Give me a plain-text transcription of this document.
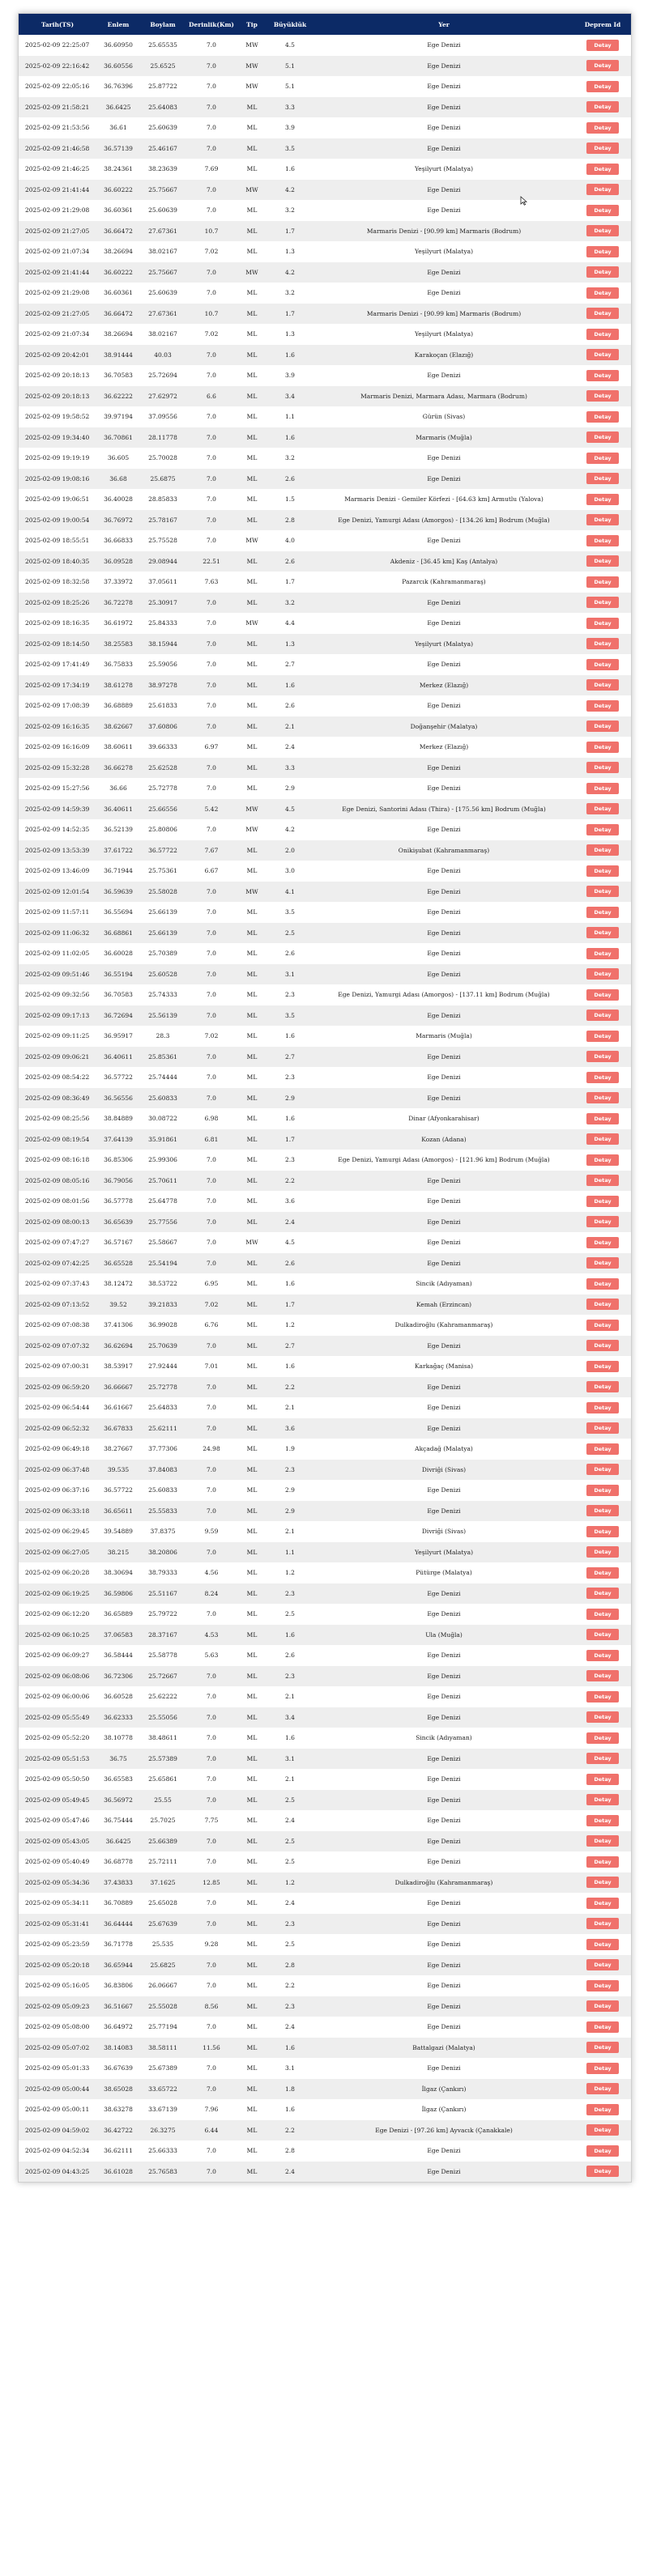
Tarih(TS)	Enlem	Boylam	Derinlik(Km)	Tip	Büyüklük	Yer	Deprem Id
2025-02-09 22:25:07	36.60950	25.65535	7.0	MW	4.5	Ege Denizi	Detay
2025-02-09 22:16:42	36.60556	25.6525	7.0	MW	5.1	Ege Denizi	Detay
2025-02-09 22:05:16	36.76396	25.87722	7.0	MW	5.1	Ege Denizi	Detay
2025-02-09 21:58:21	36.6425	25.64083	7.0	ML	3.3	Ege Denizi	Detay
2025-02-09 21:53:56	36.61	25.60639	7.0	ML	3.9	Ege Denizi	Detay
2025-02-09 21:46:58	36.57139	25.46167	7.0	ML	3.5	Ege Denizi	Detay
2025-02-09 21:46:25	38.24361	38.23639	7.69	ML	1.6	Yeşilyurt (Malatya)	Detay
2025-02-09 21:41:44	36.60222	25.75667	7.0	MW	4.2	Ege Denizi	Detay
2025-02-09 21:29:08	36.60361	25.60639	7.0	ML	3.2	Ege Denizi	Detay
2025-02-09 21:27:05	36.66472	27.67361	10.7	ML	1.7	Marmaris Denizi - [90.99 km] Marmaris (Bodrum)	Detay
2025-02-09 21:07:34	38.26694	38.02167	7.02	ML	1.3	Yeşilyurt (Malatya)	Detay
2025-02-09 21:41:44	36.60222	25.75667	7.0	MW	4.2	Ege Denizi	Detay
2025-02-09 21:29:08	36.60361	25.60639	7.0	ML	3.2	Ege Denizi	Detay
2025-02-09 21:27:05	36.66472	27.67361	10.7	ML	1.7	Marmaris Denizi - [90.99 km] Marmaris (Bodrum)	Detay
2025-02-09 21:07:34	38.26694	38.02167	7.02	ML	1.3	Yeşilyurt (Malatya)	Detay
2025-02-09 20:42:01	38.91444	40.03	7.0	ML	1.6	Karakoçan (Elazığ)	Detay
2025-02-09 20:18:13	36.70583	25.72694	7.0	ML	3.9	Ege Denizi	Detay
2025-02-09 20:18:13	36.62222	27.62972	6.6	ML	3.4	Marmaris Denizi, Marmara Adası, Marmara (Bodrum)	Detay
2025-02-09 19:58:52	39.97194	37.09556	7.0	ML	1.1	Gürün (Sivas)	Detay
2025-02-09 19:34:40	36.70861	28.11778	7.0	ML	1.6	Marmaris (Muğla)	Detay
2025-02-09 19:19:19	36.605	25.70028	7.0	ML	3.2	Ege Denizi	Detay
2025-02-09 19:08:16	36.68	25.6875	7.0	ML	2.6	Ege Denizi	Detay
2025-02-09 19:06:51	36.40028	28.85833	7.0	ML	1.5	Marmaris Denizi - Gemiler Körfezi - [64.63 km] Armutlu (Yalova)	Detay
2025-02-09 19:00:54	36.76972	25.78167	7.0	ML	2.8	Ege Denizi, Yamurgi Adası (Amorgos) - [134.26 km] Bodrum (Muğla)	Detay
2025-02-09 18:55:51	36.66833	25.75528	7.0	MW	4.0	Ege Denizi	Detay
2025-02-09 18:40:35	36.09528	29.08944	22.51	ML	2.6	Akdeniz - [36.45 km] Kaş (Antalya)	Detay
2025-02-09 18:32:58	37.33972	37.05611	7.63	ML	1.7	Pazarcık (Kahramanmaraş)	Detay
2025-02-09 18:25:26	36.72278	25.30917	7.0	ML	3.2	Ege Denizi	Detay
2025-02-09 18:16:35	36.61972	25.84333	7.0	MW	4.4	Ege Denizi	Detay
2025-02-09 18:14:50	38.25583	38.15944	7.0	ML	1.3	Yeşilyurt (Malatya)	Detay
2025-02-09 17:41:49	36.75833	25.59056	7.0	ML	2.7	Ege Denizi	Detay
2025-02-09 17:34:19	38.61278	38.97278	7.0	ML	1.6	Merkez (Elazığ)	Detay
2025-02-09 17:08:39	36.68889	25.61833	7.0	ML	2.6	Ege Denizi	Detay
2025-02-09 16:16:35	38.62667	37.60806	7.0	ML	2.1	Doğanşehir (Malatya)	Detay
2025-02-09 16:16:09	38.60611	39.66333	6.97	ML	2.4	Merkez (Elazığ)	Detay
2025-02-09 15:32:28	36.66278	25.62528	7.0	ML	3.3	Ege Denizi	Detay
2025-02-09 15:27:56	36.66	25.72778	7.0	ML	2.9	Ege Denizi	Detay
2025-02-09 14:59:39	36.40611	25.66556	5.42	MW	4.5	Ege Denizi, Santorini Adası (Thira) - [175.56 km] Bodrum (Muğla)	Detay
2025-02-09 14:52:35	36.52139	25.80806	7.0	MW	4.2	Ege Denizi	Detay
2025-02-09 13:53:39	37.61722	36.57722	7.67	ML	2.0	Onikişubat (Kahramanmaraş)	Detay
2025-02-09 13:46:09	36.71944	25.75361	6.67	ML	3.0	Ege Denizi	Detay
2025-02-09 12:01:54	36.59639	25.58028	7.0	MW	4.1	Ege Denizi	Detay
2025-02-09 11:57:11	36.55694	25.66139	7.0	ML	3.5	Ege Denizi	Detay
2025-02-09 11:06:32	36.68861	25.66139	7.0	ML	2.5	Ege Denizi	Detay
2025-02-09 11:02:05	36.60028	25.70389	7.0	ML	2.6	Ege Denizi	Detay
2025-02-09 09:51:46	36.55194	25.60528	7.0	ML	3.1	Ege Denizi	Detay
2025-02-09 09:32:56	36.70583	25.74333	7.0	ML	2.3	Ege Denizi, Yamurgi Adası (Amorgos) - [137.11 km] Bodrum (Muğla)	Detay
2025-02-09 09:17:13	36.72694	25.56139	7.0	ML	3.5	Ege Denizi	Detay
2025-02-09 09:11:25	36.95917	28.3	7.02	ML	1.6	Marmaris (Muğla)	Detay
2025-02-09 09:06:21	36.40611	25.85361	7.0	ML	2.7	Ege Denizi	Detay
2025-02-09 08:54:22	36.57722	25.74444	7.0	ML	2.3	Ege Denizi	Detay
2025-02-09 08:36:49	36.56556	25.60833	7.0	ML	2.9	Ege Denizi	Detay
2025-02-09 08:25:56	38.84889	30.08722	6.98	ML	1.6	Dinar (Afyonkarahisar)	Detay
2025-02-09 08:19:54	37.64139	35.91861	6.81	ML	1.7	Kozan (Adana)	Detay
2025-02-09 08:16:18	36.85306	25.99306	7.0	ML	2.3	Ege Denizi, Yamurgi Adası (Amorgos) - [121.96 km] Bodrum (Muğla)	Detay
2025-02-09 08:05:16	36.79056	25.70611	7.0	ML	2.2	Ege Denizi	Detay
2025-02-09 08:01:56	36.57778	25.64778	7.0	ML	3.6	Ege Denizi	Detay
2025-02-09 08:00:13	36.65639	25.77556	7.0	ML	2.4	Ege Denizi	Detay
2025-02-09 07:47:27	36.57167	25.58667	7.0	MW	4.5	Ege Denizi	Detay
2025-02-09 07:42:25	36.65528	25.54194	7.0	ML	2.6	Ege Denizi	Detay
2025-02-09 07:37:43	38.12472	38.53722	6.95	ML	1.6	Sincik (Adıyaman)	Detay
2025-02-09 07:13:52	39.52	39.21833	7.02	ML	1.7	Kemah (Erzincan)	Detay
2025-02-09 07:08:38	37.41306	36.99028	6.76	ML	1.2	Dulkadiroğlu (Kahramanmaraş)	Detay
2025-02-09 07:07:32	36.62694	25.70639	7.0	ML	2.7	Ege Denizi	Detay
2025-02-09 07:00:31	38.53917	27.92444	7.01	ML	1.6	Karkağaç (Manisa)	Detay
2025-02-09 06:59:20	36.66667	25.72778	7.0	ML	2.2	Ege Denizi	Detay
2025-02-09 06:54:44	36.61667	25.64833	7.0	ML	2.1	Ege Denizi	Detay
2025-02-09 06:52:32	36.67833	25.62111	7.0	ML	3.6	Ege Denizi	Detay
2025-02-09 06:49:18	38.27667	37.77306	24.98	ML	1.9	Akçadağ (Malatya)	Detay
2025-02-09 06:37:48	39.535	37.84083	7.0	ML	2.3	Divriği (Sivas)	Detay
2025-02-09 06:37:16	36.57722	25.60833	7.0	ML	2.9	Ege Denizi	Detay
2025-02-09 06:33:18	36.65611	25.55833	7.0	ML	2.9	Ege Denizi	Detay
2025-02-09 06:29:45	39.54889	37.8375	9.59	ML	2.1	Divriği (Sivas)	Detay
2025-02-09 06:27:05	38.215	38.20806	7.0	ML	1.1	Yeşilyurt (Malatya)	Detay
2025-02-09 06:20:28	38.30694	38.79333	4.56	ML	1.2	Pütürge (Malatya)	Detay
2025-02-09 06:19:25	36.59806	25.51167	8.24	ML	2.3	Ege Denizi	Detay
2025-02-09 06:12:20	36.65889	25.79722	7.0	ML	2.5	Ege Denizi	Detay
2025-02-09 06:10:25	37.06583	28.37167	4.53	ML	1.6	Ula (Muğla)	Detay
2025-02-09 06:09:27	36.58444	25.58778	5.63	ML	2.6	Ege Denizi	Detay
2025-02-09 06:08:06	36.72306	25.72667	7.0	ML	2.3	Ege Denizi	Detay
2025-02-09 06:00:06	36.60528	25.62222	7.0	ML	2.1	Ege Denizi	Detay
2025-02-09 05:55:49	36.62333	25.55056	7.0	ML	3.4	Ege Denizi	Detay
2025-02-09 05:52:20	38.10778	38.48611	7.0	ML	1.6	Sincik (Adıyaman)	Detay
2025-02-09 05:51:53	36.75	25.57389	7.0	ML	3.1	Ege Denizi	Detay
2025-02-09 05:50:50	36.65583	25.65861	7.0	ML	2.1	Ege Denizi	Detay
2025-02-09 05:49:45	36.56972	25.55	7.0	ML	2.5	Ege Denizi	Detay
2025-02-09 05:47:46	36.75444	25.7025	7.75	ML	2.4	Ege Denizi	Detay
2025-02-09 05:43:05	36.6425	25.66389	7.0	ML	2.5	Ege Denizi	Detay
2025-02-09 05:40:49	36.68778	25.72111	7.0	ML	2.5	Ege Denizi	Detay
2025-02-09 05:34:36	37.43833	37.1625	12.85	ML	1.2	Dulkadiroğlu (Kahramanmaraş)	Detay
2025-02-09 05:34:11	36.70889	25.65028	7.0	ML	2.4	Ege Denizi	Detay
2025-02-09 05:31:41	36.64444	25.67639	7.0	ML	2.3	Ege Denizi	Detay
2025-02-09 05:23:59	36.71778	25.535	9.28	ML	2.5	Ege Denizi	Detay
2025-02-09 05:20:18	36.65944	25.6825	7.0	ML	2.8	Ege Denizi	Detay
2025-02-09 05:16:05	36.83806	26.06667	7.0	ML	2.2	Ege Denizi	Detay
2025-02-09 05:09:23	36.51667	25.55028	8.56	ML	2.3	Ege Denizi	Detay
2025-02-09 05:08:00	36.64972	25.77194	7.0	ML	2.4	Ege Denizi	Detay
2025-02-09 05:07:02	38.14083	38.58111	11.56	ML	1.6	Battalgazi (Malatya)	Detay
2025-02-09 05:01:33	36.67639	25.67389	7.0	ML	3.1	Ege Denizi	Detay
2025-02-09 05:00:44	38.65028	33.65722	7.0	ML	1.8	İlgaz (Çankırı)	Detay
2025-02-09 05:00:11	38.63278	33.67139	7.96	ML	1.6	İlgaz (Çankırı)	Detay
2025-02-09 04:59:02	36.42722	26.3275	6.44	ML	2.2	Ege Denizi - [97.26 km] Ayvacık (Çanakkale)	Detay
2025-02-09 04:52:34	36.62111	25.66333	7.0	ML	2.8	Ege Denizi	Detay
2025-02-09 04:43:25	36.61028	25.76583	7.0	ML	2.4	Ege Denizi	Detay
